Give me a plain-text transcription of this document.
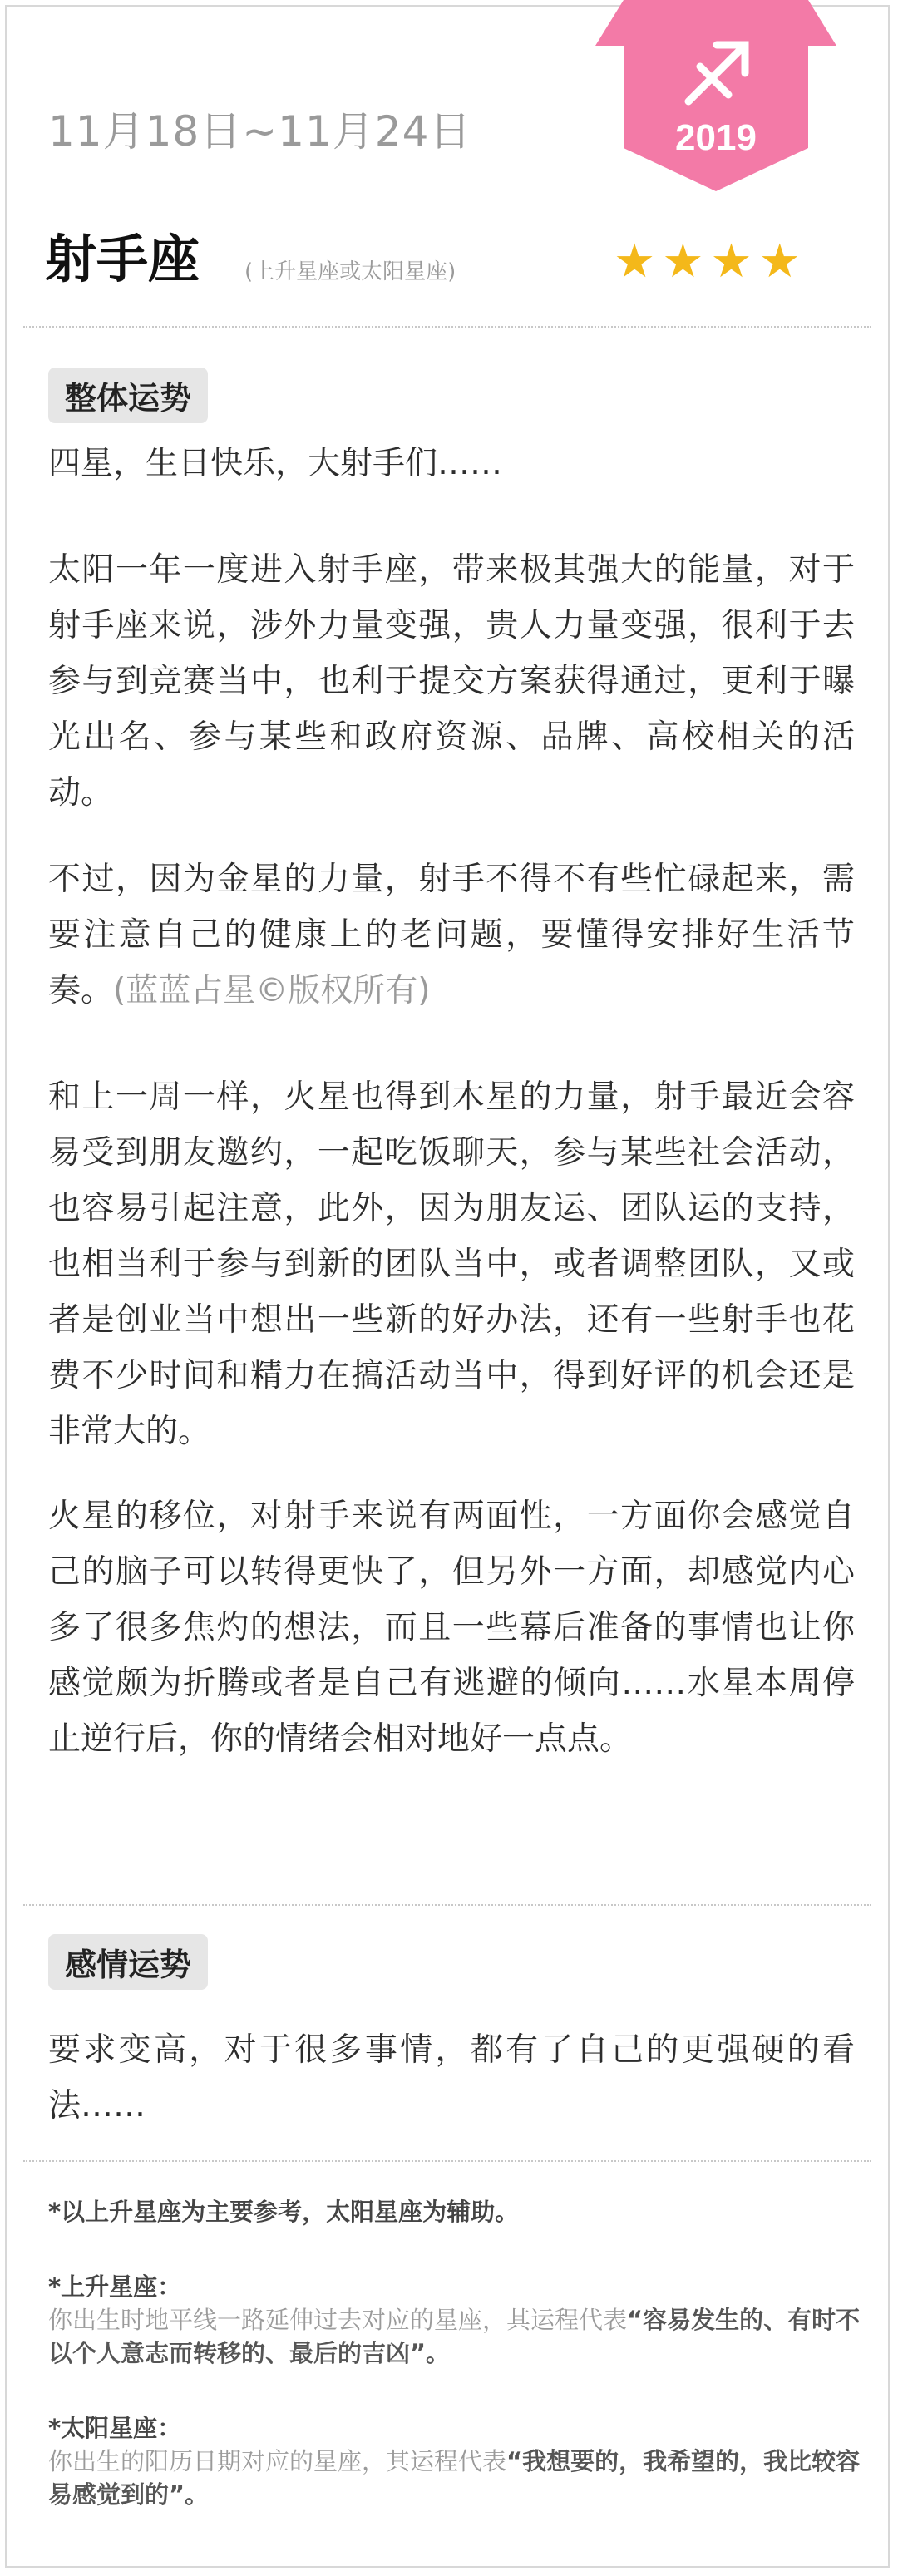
2019
11月18日~11月24日
射手座 (上升星座或太阳星座)	★★★★
整体运势

四星，生日快乐，大射手们……

太阳一年一度进入射手座，带来极其强大的能量，对于射手座来说，涉外力量变强，贵人力量变强，很利于去参与到竞赛当中，也利于提交方案获得通过，更利于曝光出名、参与某些和政府资源、品牌、高校相关的活动。

不过，因为金星的力量，射手不得不有些忙碌起来，需要注意自己的健康上的老问题，要懂得安排好生活节奏。(蓝蓝占星©版权所有)

和上一周一样，火星也得到木星的力量，射手最近会容易受到朋友邀约，一起吃饭聊天，参与某些社会活动，也容易引起注意，此外，因为朋友运、团队运的支持，也相当利于参与到新的团队当中，或者调整团队，又或者是创业当中想出一些新的好办法，还有一些射手也花费不少时间和精力在搞活动当中，得到好评的机会还是非常大的。

火星的移位，对射手来说有两面性，一方面你会感觉自己的脑子可以转得更快了，但另外一方面，却感觉内心多了很多焦灼的想法，而且一些幕后准备的事情也让你感觉颇为折腾或者是自己有逃避的倾向……水星本周停止逆行后，你的情绪会相对地好一点点。

感情运势

要求变高，对于很多事情，都有了自己的更强硬的看法……

*以上升星座为主要参考，太阳星座为辅助。
*上升星座：
你出生时地平线一路延伸过去对应的星座，其运程代表“容易发生的、有时不以个人意志而转移的、最后的吉凶”。
*太阳星座：
你出生的阳历日期对应的星座，其运程代表“我想要的，我希望的，我比较容易感觉到的”。
